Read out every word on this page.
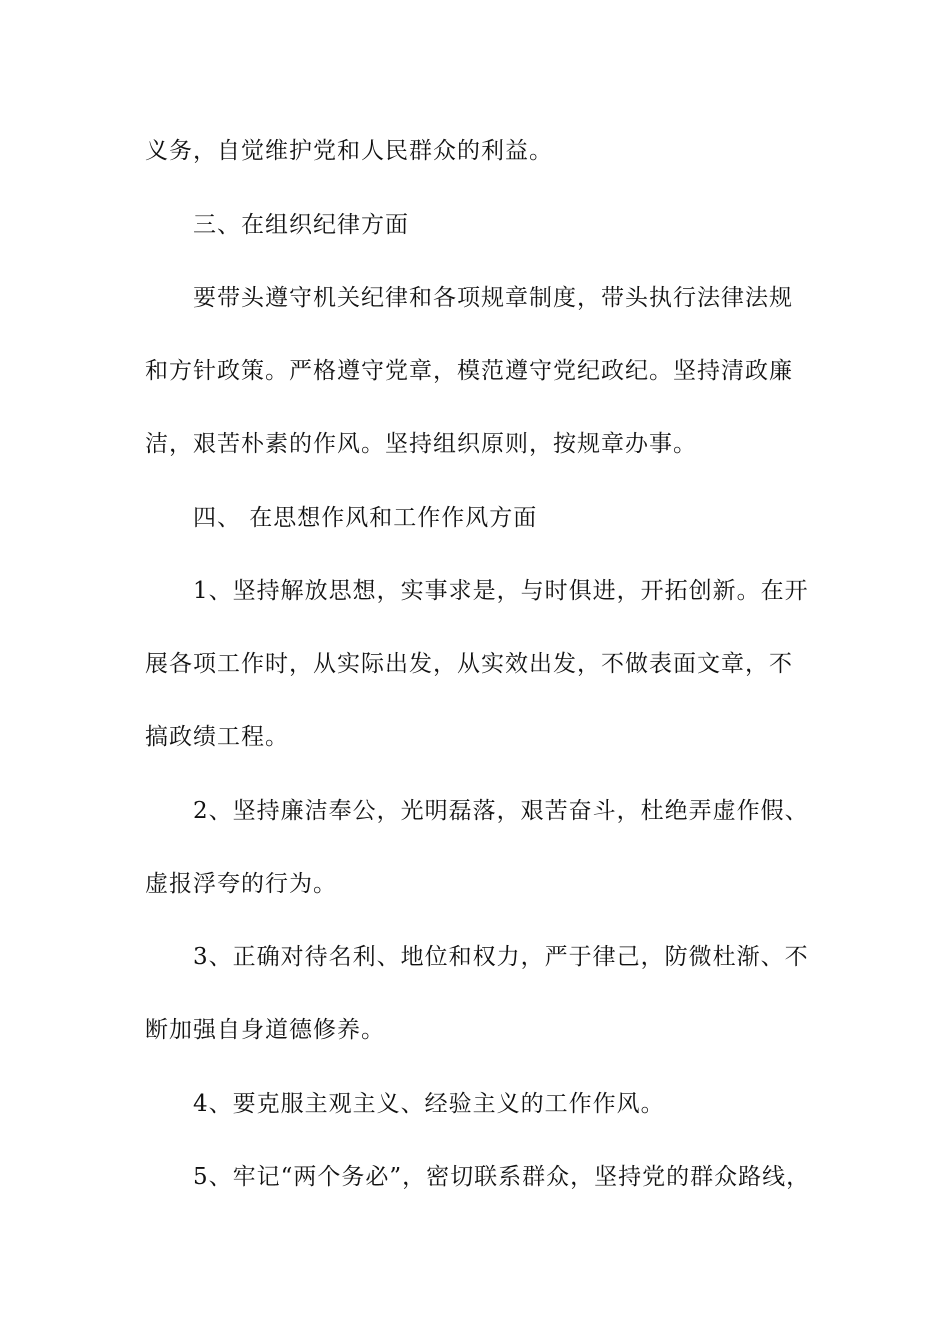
义务，自觉维护党和人民群众的利益。
三、在组织纪律方面
要带头遵守机关纪律和各项规章制度，带头执行法律法规
和方针政策。严格遵守党章，模范遵守党纪政纪。坚持清政廉
洁，艰苦朴素的作风。坚持组织原则，按规章办事。
四、 在思想作风和工作作风方面
1、坚持解放思想，实事求是，与时俱进，开拓创新。在开
展各项工作时，从实际出发，从实效出发，不做表面文章，不
搞政绩工程。
2、坚持廉洁奉公，光明磊落，艰苦奋斗，杜绝弄虚作假、
虚报浮夸的行为。
3、正确对待名利、地位和权力，严于律己，防微杜渐、不
断加强自身道德修养。
4、要克服主观主义、经验主义的工作作风。
5、牢记“两个务必”，密切联系群众，坚持党的群众路线，
